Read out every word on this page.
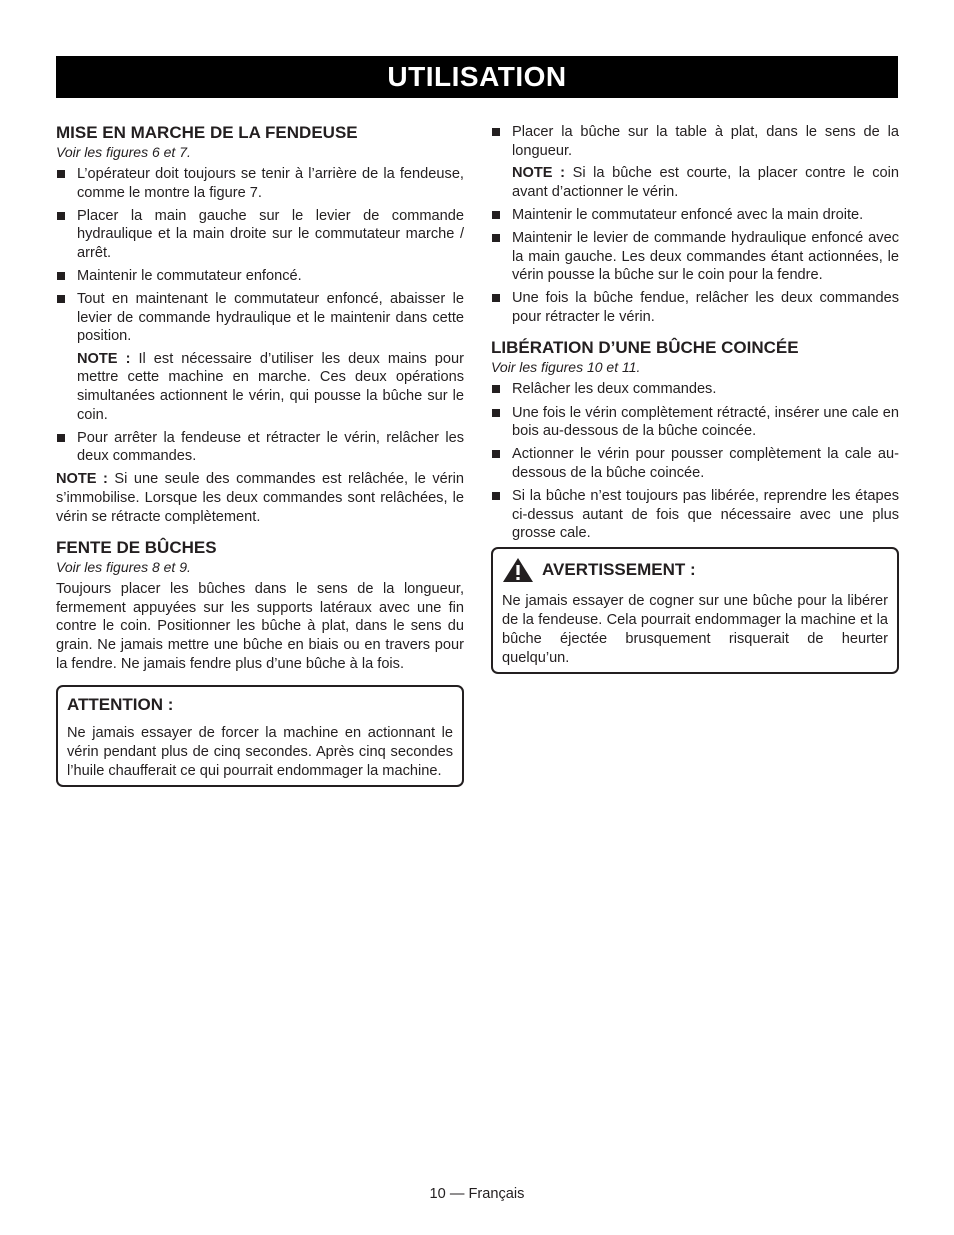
UTILISATION
MISE EN MARCHE DE LA FENDEUSE
Voir les figures 6 et 7.
L’opérateur doit toujours se tenir à l’arrière de la fendeuse, comme le montre la figure 7.
Placer la main gauche sur le levier de commande hydraulique et la main droite sur le commutateur marche / arrêt.
Maintenir le commutateur enfoncé.
Tout en maintenant le commutateur enfoncé, abaisser le levier de commande hydraulique et le maintenir dans cette position.
NOTE : Il est nécessaire d’utiliser les deux mains pour mettre cette machine en marche. Ces deux opérations simultanées actionnent le vérin, qui pousse la bûche sur le coin.
Pour arrêter la fendeuse et rétracter le vérin, relâcher les deux commandes.

NOTE : Si une seule des commandes est relâchée, le vérin s’immobilise. Lorsque les deux commandes sont relâchées, le vérin se rétracte complètement.

FENTE DE BÛCHES
Voir les figures 8 et 9.

Toujours placer les bûches dans le sens de la longueur, fermement appuyées sur les supports latéraux avec une fin contre le coin. Positionner les bûche à plat, dans le sens du grain. Ne jamais mettre une bûche en biais ou en travers pour la fendre. Ne jamais fendre plus d’une bûche à la fois.

ATTENTION :

Ne jamais essayer de forcer la machine en actionnant le vérin pendant plus de cinq secondes. Après cinq secondes l’huile chaufferait ce qui pourrait endommager la machine.

Placer la bûche sur la table à plat, dans le sens de la longueur.
NOTE : Si la bûche est courte, la placer contre le coin avant d’actionner le vérin.
Maintenir le commutateur enfoncé avec la main droite.
Maintenir le levier de commande hydraulique enfoncé avec la main gauche. Les deux commandes étant actionnées, le vérin pousse la bûche sur le coin pour la fendre.
Une fois la bûche fendue, relâcher les deux commandes pour rétracter le vérin.
LIBÉRATION D’UNE BÛCHE COINCÉE
Voir les figures 10 et 11.
Relâcher les deux commandes.
Une fois le vérin complètement rétracté, insérer une cale en bois au-dessous de la bûche coincée.
Actionner le vérin pour pousser complètement la cale au-dessous de la bûche coincée.
Si la bûche n’est toujours pas libérée, reprendre les étapes ci-dessus autant de fois que nécessaire avec une plus grosse cale.
AVERTISSEMENT :

Ne jamais essayer de cogner sur une bûche pour la libérer de la fendeuse. Cela pourrait endommager la machine et la bûche éjectée brusquement risquerait de heurter quelqu’un.

10 — Français
